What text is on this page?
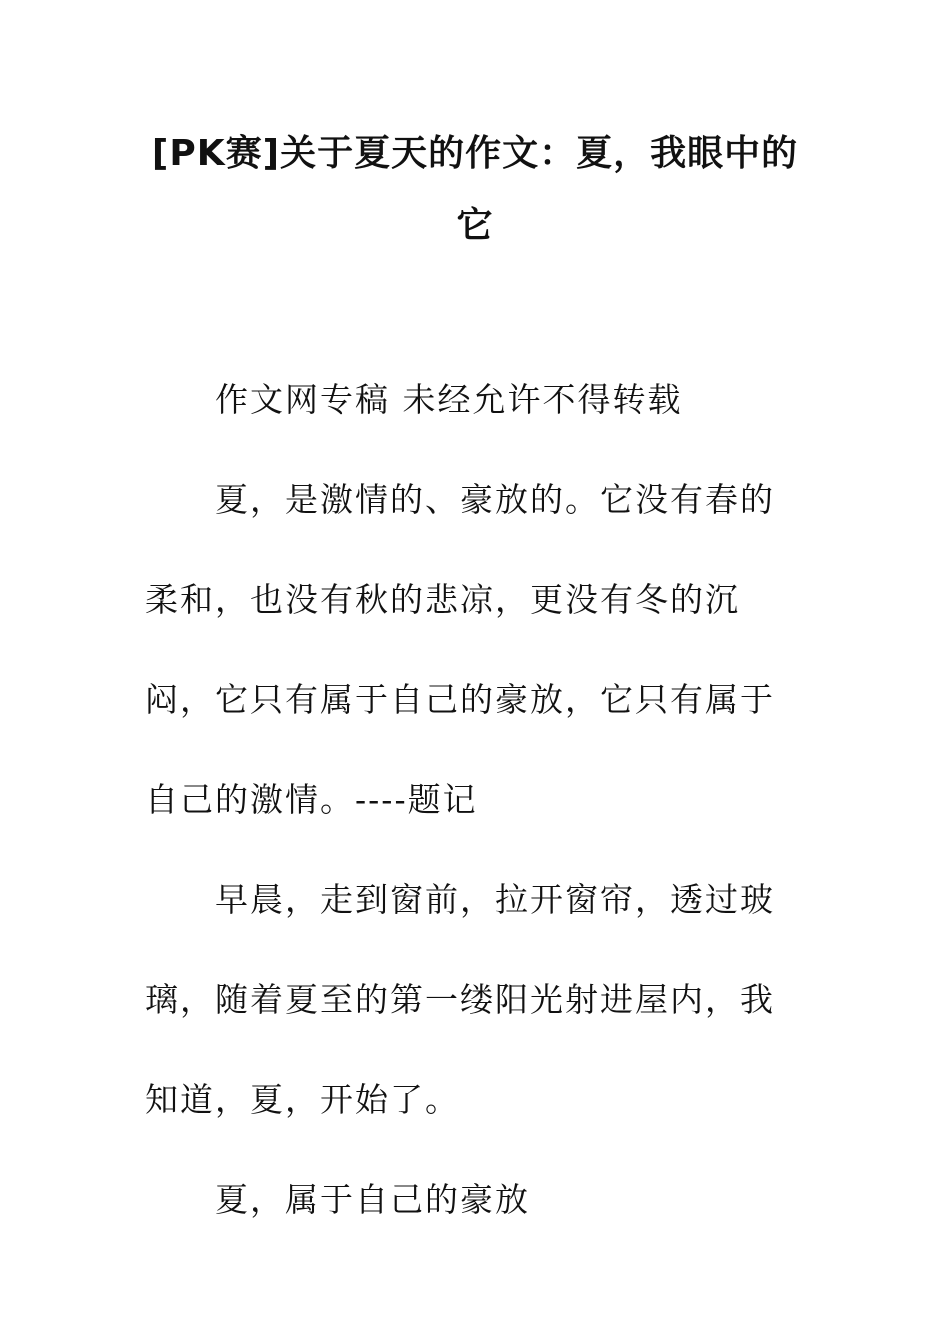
[PK赛]关于夏天的作文：夏，我眼中的它

作文网专稿 未经允许不得转载

夏，是激情的、豪放的。它没有春的柔和，也没有秋的悲凉，更没有冬的沉闷，它只有属于自己的豪放，它只有属于自己的激情。----题记

早晨，走到窗前，拉开窗帘，透过玻璃，随着夏至的第一缕阳光射进屋内，我知道，夏，开始了。

夏，属于自己的豪放
